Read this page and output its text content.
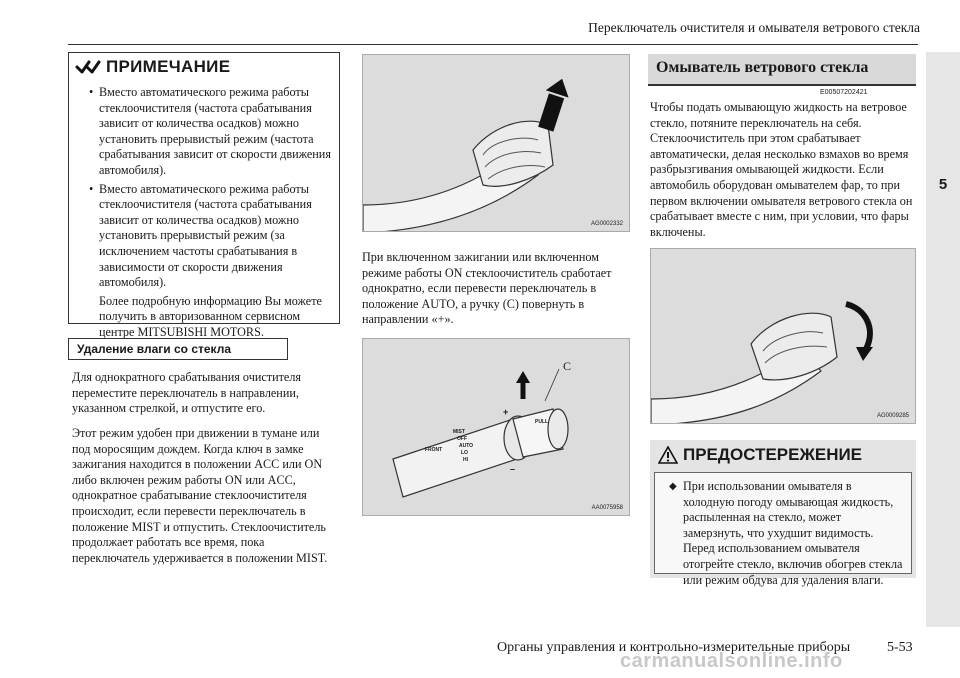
Переключатель очистителя и омывателя ветрового стекла
5
ПРИМЕЧАНИЕ
• Вместо автоматического режима работы стеклоочистителя (частота срабатывания зависит от количества осадков) можно установить прерывистый режим (частота срабатывания зависит от скорости движения автомобиля).
• Вместо автоматического режима работы стеклоочистителя (частота срабатывания зависит от количества осадков) можно установить прерывистый режим (за исключением частоты срабатывания в зависимости от скорости движения автомобиля).
Более подробную информацию Вы можете получить в авторизованном сервисном центре MITSUBISHI MOTORS.
Удаление влаги со стекла
Для однократного срабатывания очистителя переместите переключатель в направлении, указанном стрелкой, и отпустите его.
Этот режим удобен при движении в тумане или под моросящим дождем. Когда ключ в замке зажигания находится в положении ACC или ON либо включен режим работы ON или ACC, однократное срабатывание стеклоочистителя происходит, если перевести переключатель в положение MIST и отпустить. Стеклоочиститель продолжает работать все время, пока переключатель удерживается в положении MIST.
AG0002332
При включенном зажигании или включенном режиме работы ON стеклоочиститель сработает однократно, если перевести переключатель в положение AUTO, а ручку (C) повернуть в направлении «+».
C
FRONT
MIST
OFF
AUTO
LO
HI
PULL
+
–
AA0075958
Омыватель ветрового стекла
E00507202421
Чтобы подать омывающую жидкость на ветровое стекло, потяните переключатель на себя. Стеклоочиститель при этом срабатывает автоматически, делая несколько взмахов во время разбрызгивания омывающей жидкости. Если автомобиль оборудован омывателем фар, то при первом включении омывателя ветрового стекла он срабатывает вместе с ним, при условии, что фары включены.
AG0009285
ПРЕДОСТЕРЕЖЕНИЕ
◆ При использовании омывателя в холодную погоду омывающая жидкость, распыленная на стекло, может замерзнуть, что ухудшит видимость. Перед использованием омывателя отогрейте стекло, включив обогрев стекла или режим обдува для удаления влаги.
Органы управления и контрольно-измерительные приборы	5-53
carmanualsonline.info
